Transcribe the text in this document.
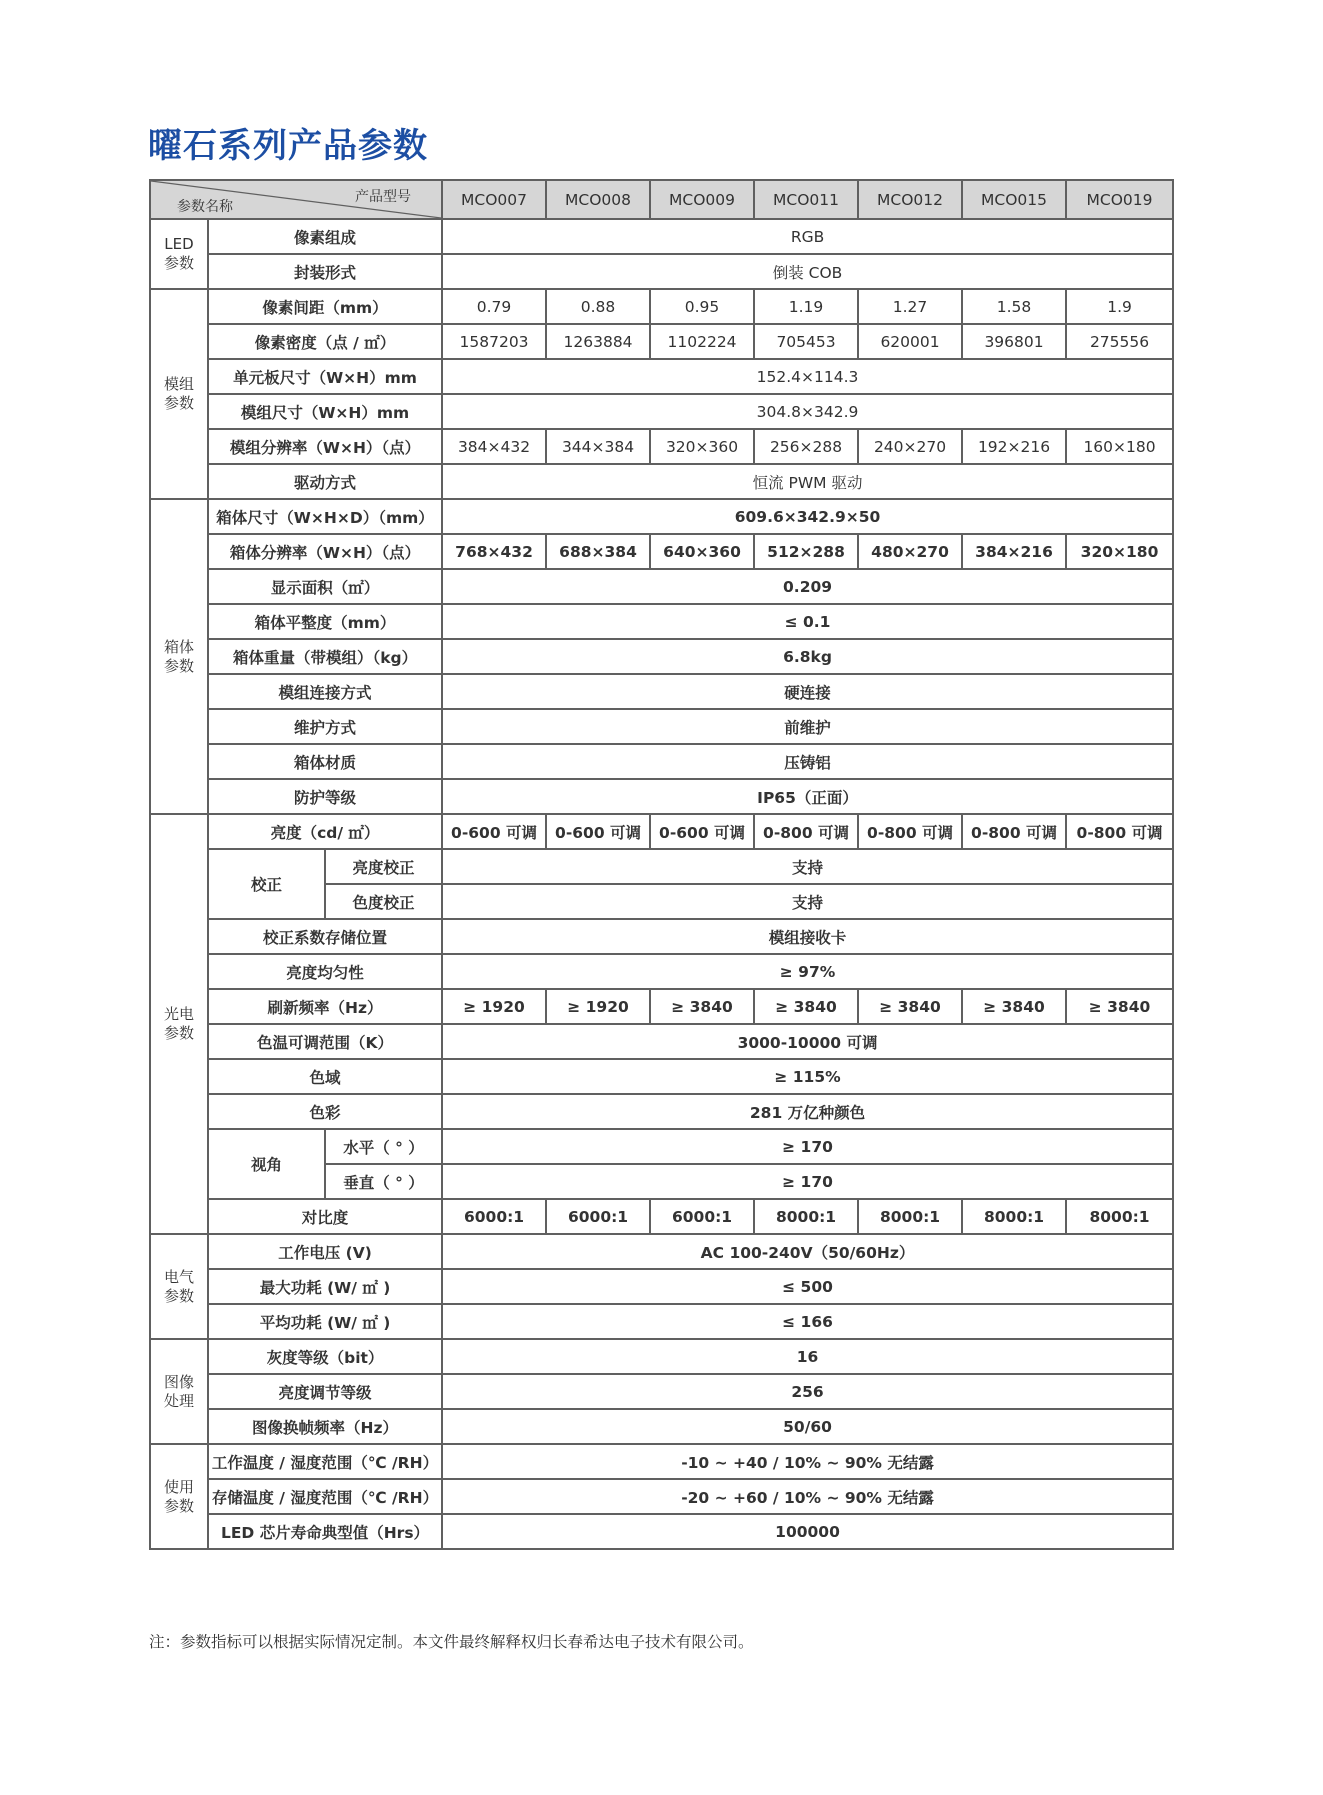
曜石系列产品参数
产品型号
参数名称			MCO007	MCO008	MCO009	MCO011	MCO012	MCO015	MCO019
LED
参数	像素组成		RGB						
	封装形式		倒装 COB						
模组
参数	像素间距（mm）		0.79	0.88	0.95	1.19	1.27	1.58	1.9
	像素密度（点 / ㎡）		1587203	1263884	1102224	705453	620001	396801	275556
	单元板尺寸（W×H）mm		152.4×114.3						
	模组尺寸（W×H）mm		304.8×342.9						
	模组分辨率（W×H）（点）		384×432	344×384	320×360	256×288	240×270	192×216	160×180
	驱动方式		恒流 PWM 驱动						
箱体
参数	箱体尺寸（W×H×D）（mm）		609.6×342.9×50						
	箱体分辨率（W×H）（点）		768×432	688×384	640×360	512×288	480×270	384×216	320×180
	显示面积（㎡）		0.209						
	箱体平整度（mm）		≤ 0.1						
	箱体重量（带模组）（kg）		6.8kg						
	模组连接方式		硬连接						
	维护方式		前维护						
	箱体材质		压铸铝						
	防护等级		IP65（正面）						
光电
参数	亮度（cd/ ㎡）		0-600 可调	0-600 可调	0-600 可调	0-800 可调	0-800 可调	0-800 可调	0-800 可调
	校正	亮度校正	支持						
		色度校正	支持						
	校正系数存储位置		模组接收卡						
	亮度均匀性		≥ 97%						
	刷新频率（Hz）		≥ 1920	≥ 1920	≥ 3840	≥ 3840	≥ 3840	≥ 3840	≥ 3840
	色温可调范围（K）		3000-10000 可调						
	色域		≥ 115%						
	色彩		281 万亿种颜色						
	视角	水平（ ° ）	≥ 170						
		垂直（ ° ）	≥ 170						
	对比度		6000:1	6000:1	6000:1	8000:1	8000:1	8000:1	8000:1
电气
参数	工作电压 (V)		AC 100-240V（50/60Hz）						
	最大功耗 (W/ ㎡ )		≤ 500						
	平均功耗 (W/ ㎡ )		≤ 166						
图像
处理	灰度等级（bit）		16						
	亮度调节等级		256						
	图像换帧频率（Hz）		50/60						
使用
参数	工作温度 / 湿度范围（℃ /RH）		-10 ~ +40 / 10% ~ 90% 无结露						
	存储温度 / 湿度范围（℃ /RH）		-20 ~ +60 / 10% ~ 90% 无结露						
	LED 芯片寿命典型值（Hrs）		100000						

注：参数指标可以根据实际情况定制。本文件最终解释权归长春希达电子技术有限公司。
